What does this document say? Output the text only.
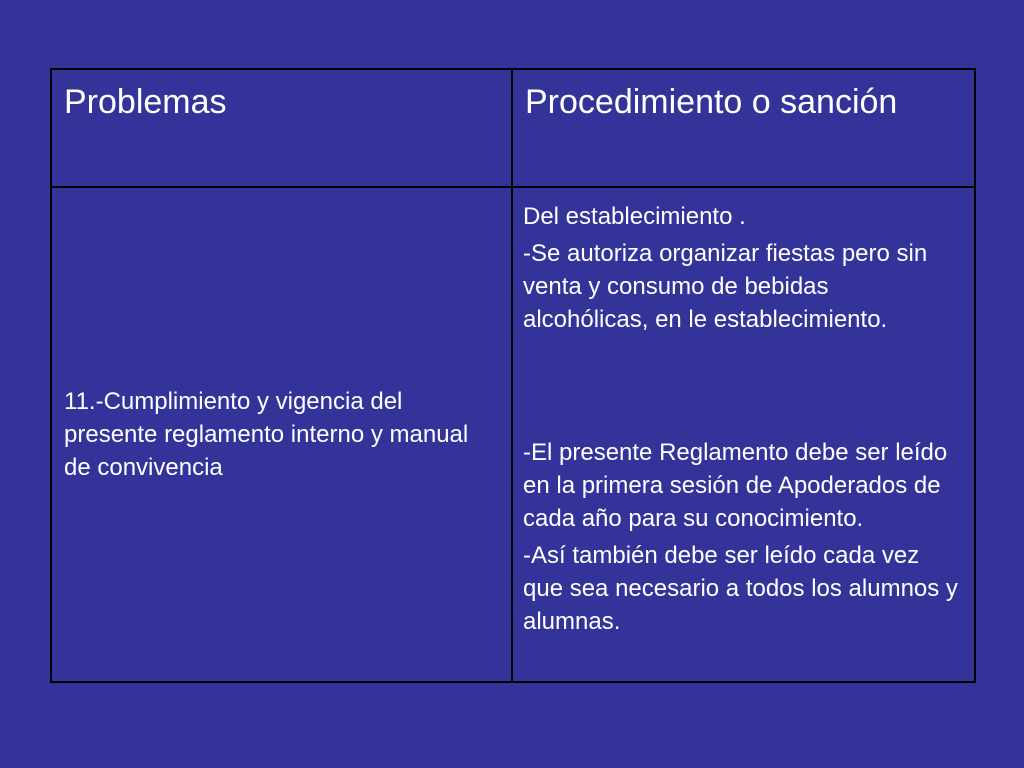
Problemas	Procedimiento o sanción

11.-Cumplimiento y vigencia del presente reglamento interno y manual de convivencia	Del establecimiento .

-Se autoriza organizar fiestas pero sin venta y consumo de bebidas alcohólicas, en le establecimiento.

-El presente Reglamento debe ser leído en la primera sesión de Apoderados de cada año para su conocimiento.

-Así también debe ser leído cada vez que sea necesario a todos los alumnos y alumnas.
